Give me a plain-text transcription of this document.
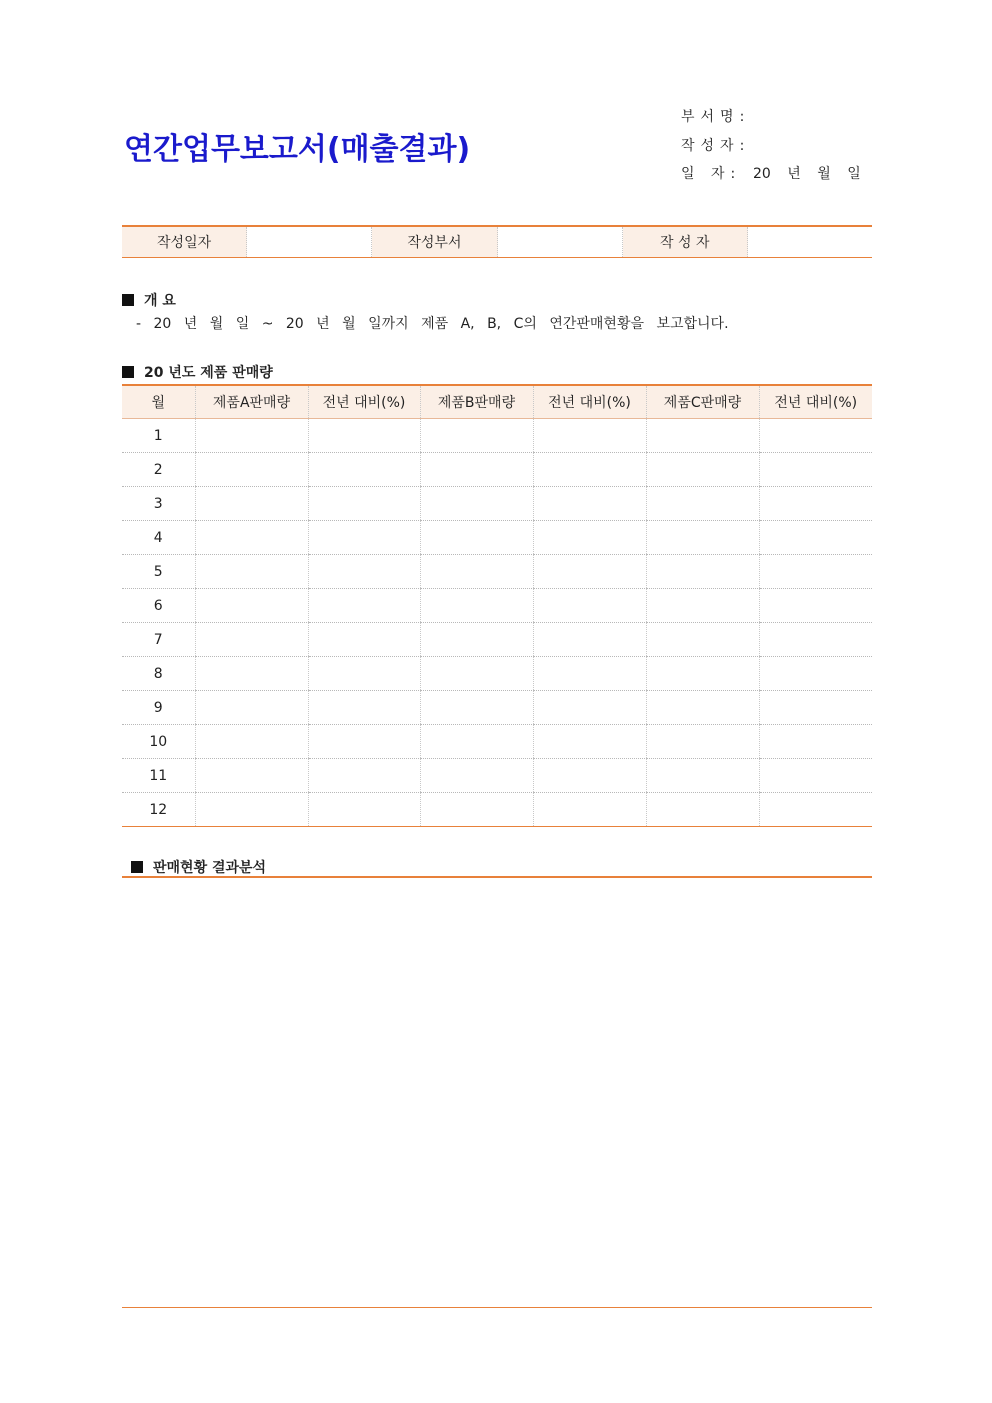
연간업무보고서(매출결과)
부서명:
작성자:
일 자: 20 년 월 일
작성일자	작성부서	작 성 자
개 요
- 20 년 월 일 ~ 20 년 월 일까지 제품 A, B, C의 연간판매현황을 보고합니다.
20 년도 제품 판매량
월	제품A판매량	전년 대비(%)	제품B판매량	전년 대비(%)	제품C판매량	전년 대비(%)
1						
2						
3						
4						
5						
6						
7						
8						
9						
10						
11						
12						
판매현황 결과분석
